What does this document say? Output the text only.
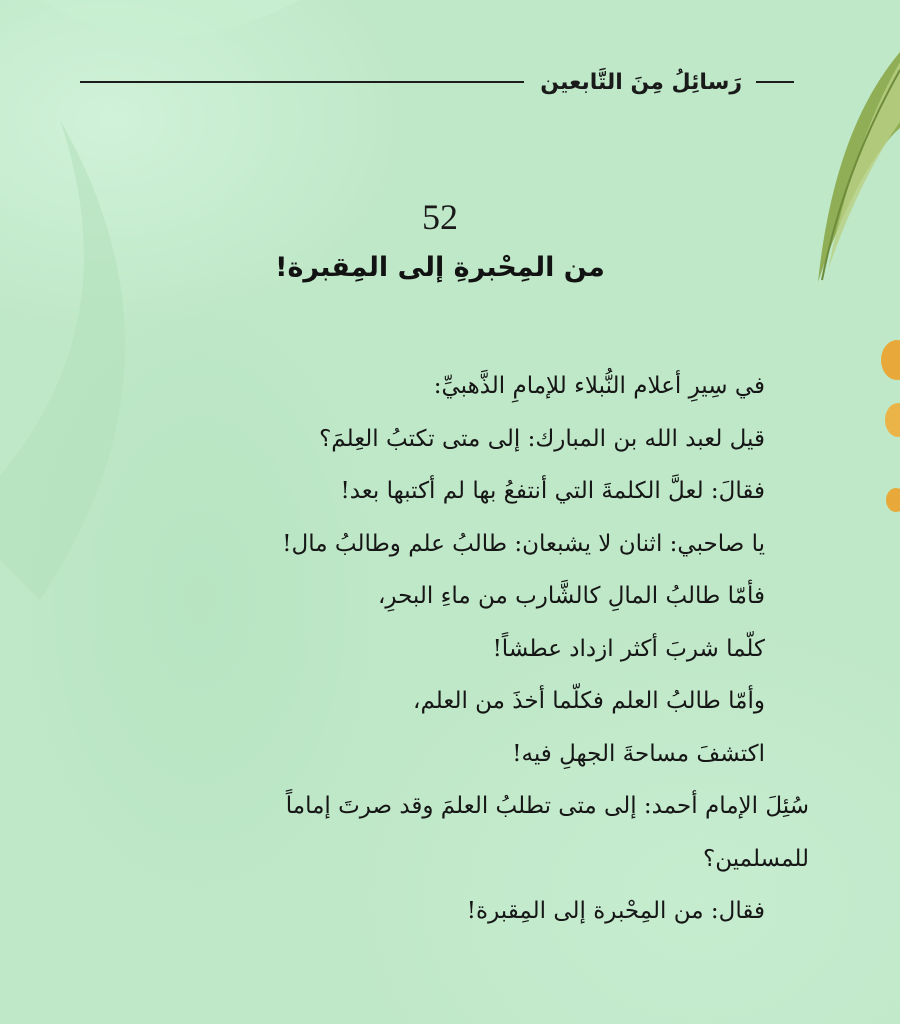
رَسائِلُ مِنَ التَّابعين
52
من المِحْبرةِ إلى المِقبرة!
في سِيرِ أعلام النُّبلاء للإمامِ الذَّهبيِّ:
قيل لعبد الله بن المبارك: إلى متى تكتبُ العِلمَ؟
فقالَ: لعلَّ الكلمةَ التي أنتفعُ بها لم أكتبها بعد!
يا صاحبي: اثنان لا يشبعان: طالبُ علم وطالبُ مال!
فأمّا طالبُ المالِ كالشَّارب من ماءِ البحرِ،
كلّما شربَ أكثر ازداد عطشاً!
وأمّا طالبُ العلم فكلّما أخذَ من العلم،
اكتشفَ مساحةَ الجهلِ فيه!
سُئِلَ الإمام أحمد: إلى متى تطلبُ العلمَ وقد صرتَ إماماً
للمسلمين؟
فقال: من المِحْبرة إلى المِقبرة!
